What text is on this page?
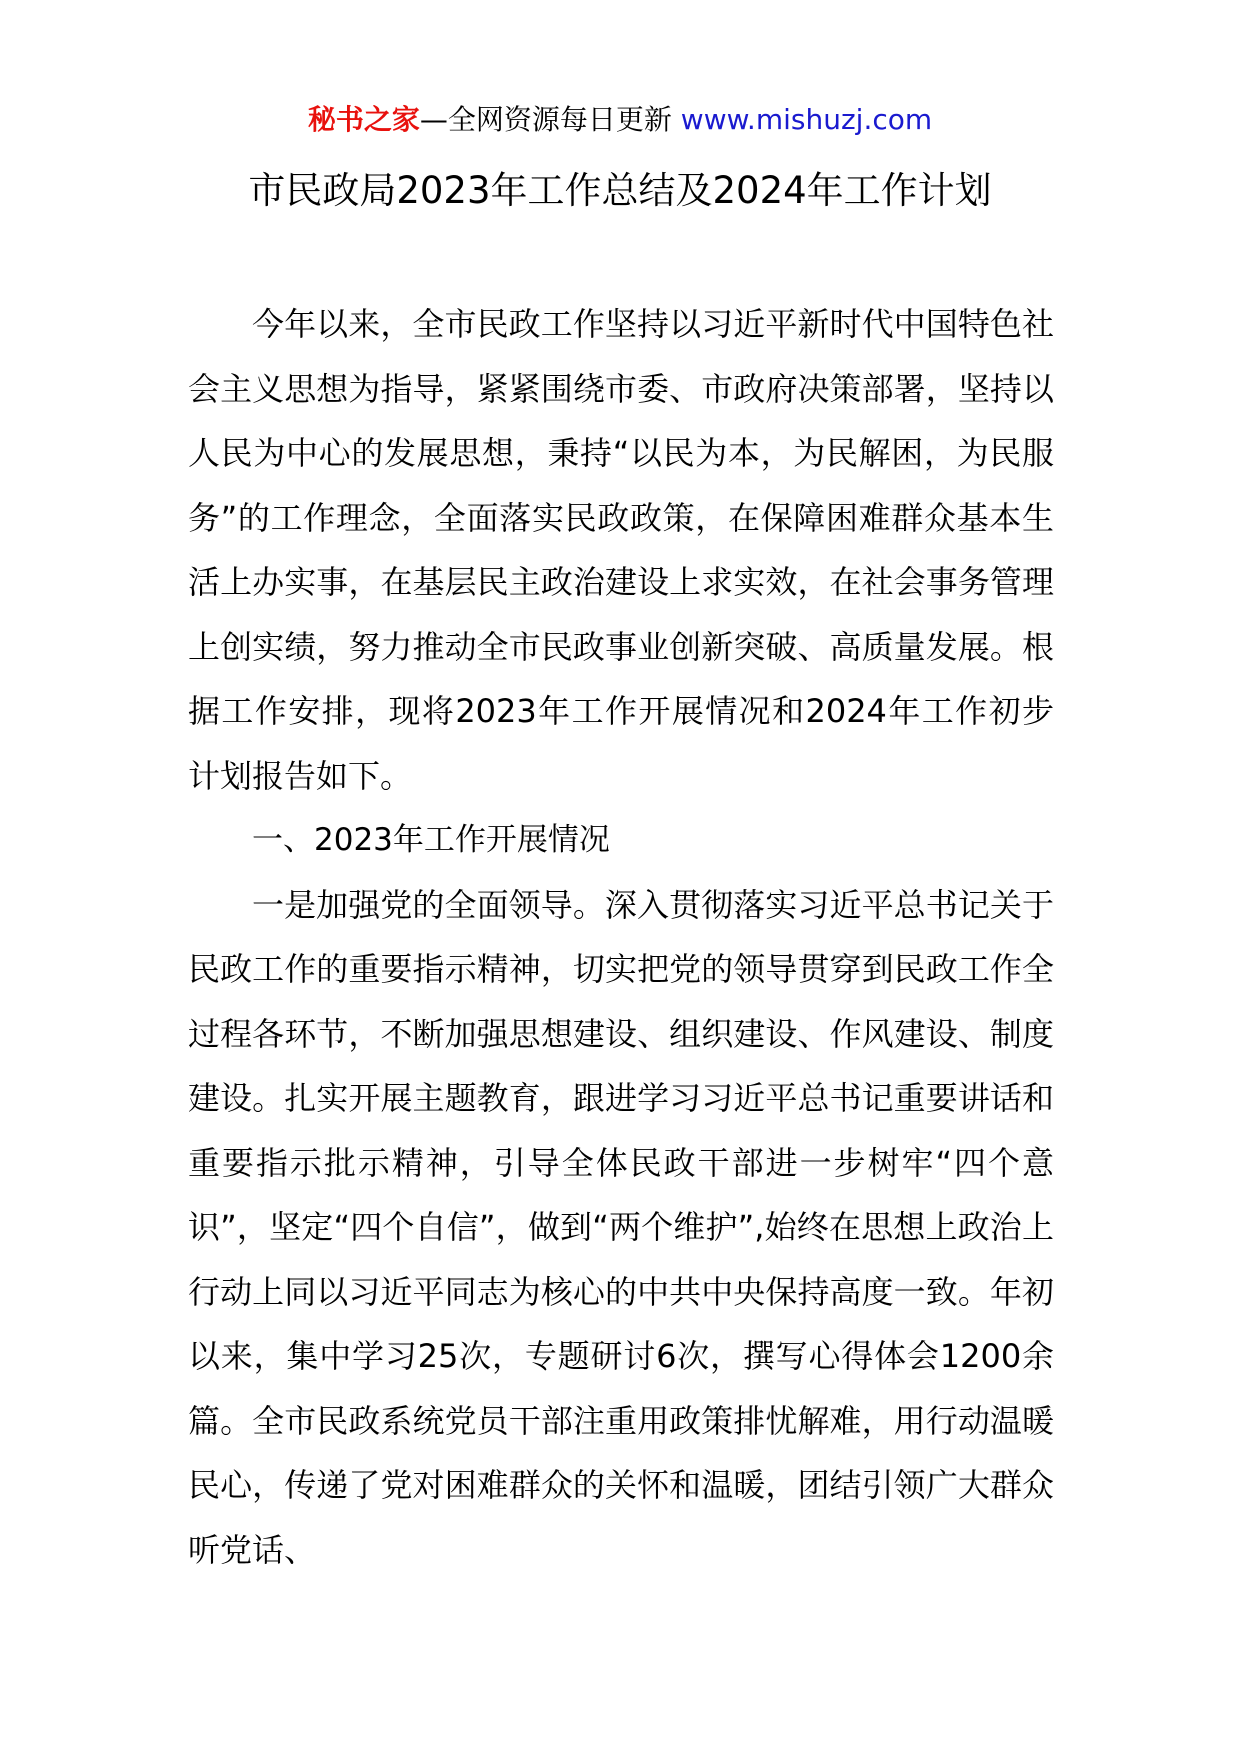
秘书之家—全网资源每日更新 www.mishuzj.com
市民政局2023年工作总结及2024年工作计划

今年以来，全市民政工作坚持以习近平新时代中国特色社会主义思想为指导，紧紧围绕市委、市政府决策部署，坚持以人民为中心的发展思想，秉持“以民为本，为民解困，为民服务”的工作理念，全面落实民政政策，在保障困难群众基本生活上办实事，在基层民主政治建设上求实效，在社会事务管理上创实绩，努力推动全市民政事业创新突破、高质量发展。根据工作安排，现将2023年工作开展情况和2024年工作初步计划报告如下。

一、2023年工作开展情况

一是加强党的全面领导。深入贯彻落实习近平总书记关于民政工作的重要指示精神，切实把党的领导贯穿到民政工作全过程各环节，不断加强思想建设、组织建设、作风建设、制度建设。扎实开展主题教育，跟进学习习近平总书记重要讲话和重要指示批示精神，引导全体民政干部进一步树牢“四个意识”，坚定“四个自信”，做到“两个维护”,始终在思想上政治上行动上同以习近平同志为核心的中共中央保持高度一致。年初以来，集中学习25次，专题研讨6次，撰写心得体会1200余篇。全市民政系统党员干部注重用政策排忧解难，用行动温暖民心，传递了党对困难群众的关怀和温暖，团结引领广大群众听党话、
